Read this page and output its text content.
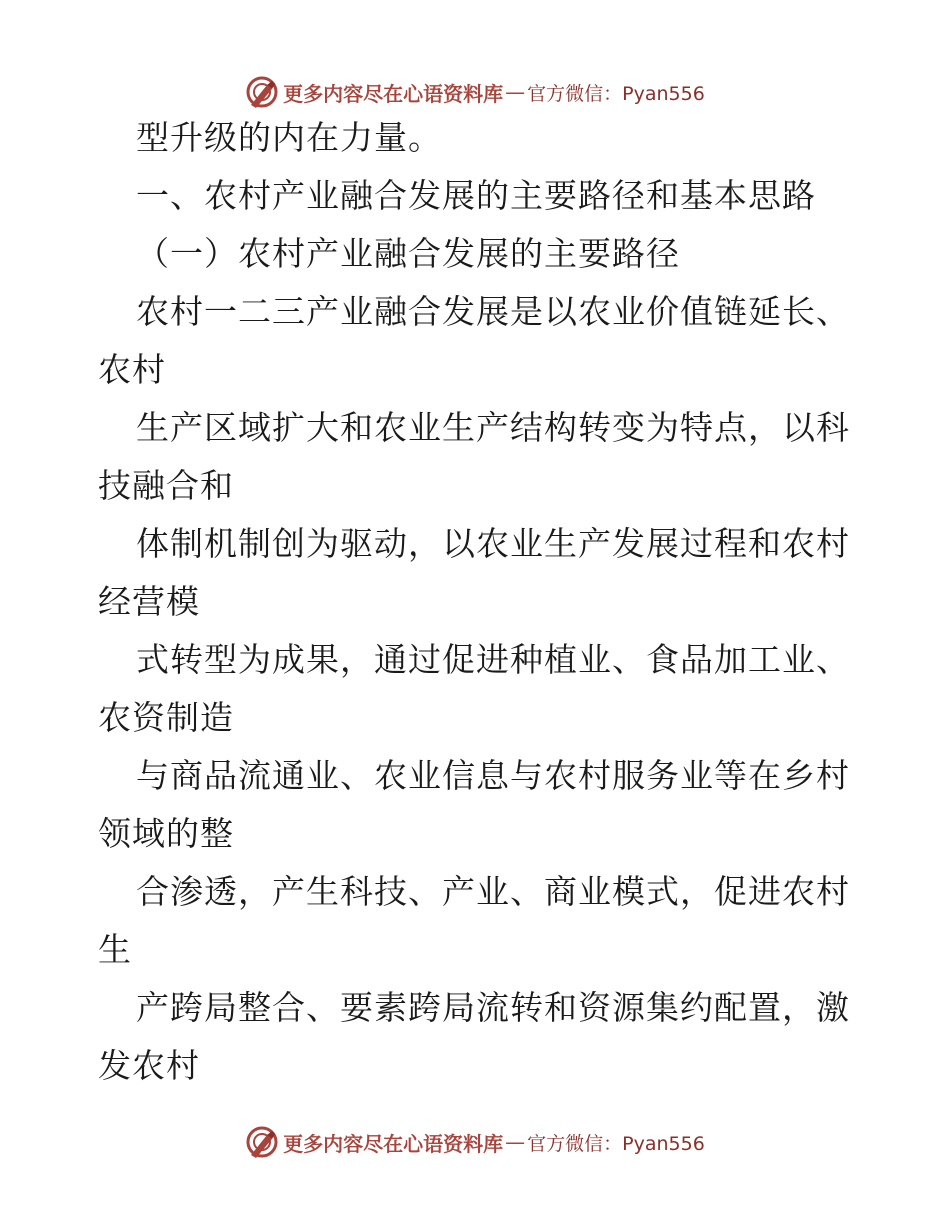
更多内容尽在心语资料库 — 官方微信：Pyan556
型升级的内在力量。
一、农村产业融合发展的主要路径和基本思路
（一）农村产业融合发展的主要路径
农村一二三产业融合发展是以农业价值链延长、
农村
生产区域扩大和农业生产结构转变为特点，以科
技融合和
体制机制创为驱动，以农业生产发展过程和农村
经营模
式转型为成果，通过促进种植业、食品加工业、
农资制造
与商品流通业、农业信息与农村服务业等在乡村
领域的整
合渗透，产生科技、产业、商业模式，促进农村
生
产跨局整合、要素跨局流转和资源集约配置，激
发农村
更多内容尽在心语资料库 — 官方微信：Pyan556
